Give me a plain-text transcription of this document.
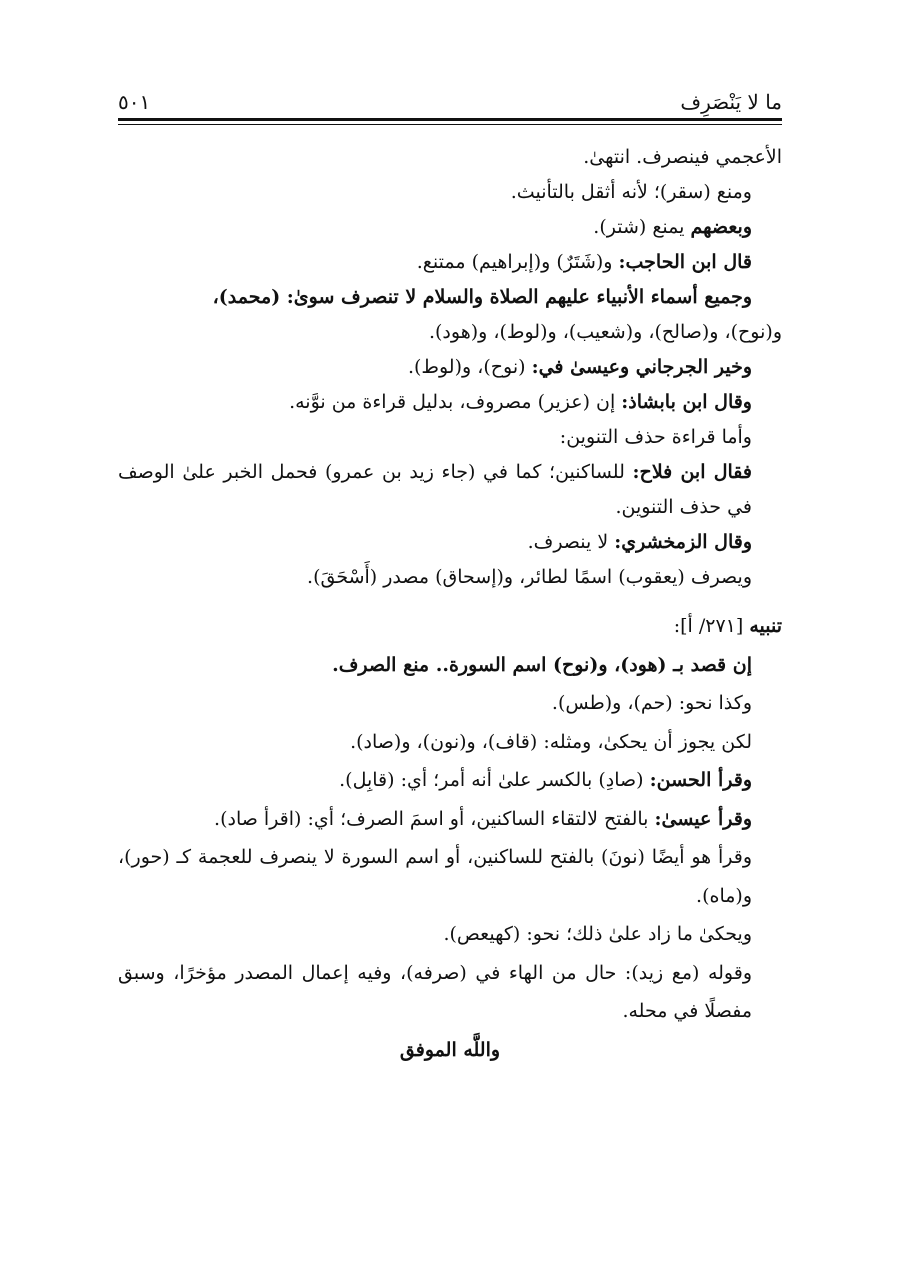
ما لا يَنْصَرِف
٥٠١

الأعجمي فينصرف. انتهىٰ.

ومنع (سقر)؛ لأنه أثقل بالتأنيث.

وبعضهم يمنع (شتر).

قال ابن الحاجب: و(شَتَرٌ) و(إبراهيم) ممتنع.

وجميع أسماء الأنبياء عليهم الصلاة والسلام لا تنصرف سوىٰ: (محمد)،

و(نوح)، و(صالح)، و(شعيب)، و(لوط)، و(هود).

وخير الجرجاني وعيسىٰ في: (نوح)، و(لوط).

وقال ابن بابشاذ: إن (عزير) مصروف، بدليل قراءة من نوَّنه.

وأما قراءة حذف التنوين:

فقال ابن فلاح: للساكنين؛ كما في (جاء زيد بن عمرو) فحمل الخبر علىٰ الوصف في حذف التنوين.

وقال الزمخشري: لا ينصرف.

ويصرف (يعقوب) اسمًا لطائر، و(إسحاق) مصدر (أَسْحَقَ).

تنبيه [٢٧١/ أ]:

إن قصد بـ (هود)، و(نوح) اسم السورة.. منع الصرف.

وكذا نحو: (حم)، و(طس).

لكن يجوز أن يحكىٰ، ومثله: (قاف)، و(نون)، و(صاد).

وقرأ الحسن: (صادِ) بالكسر علىٰ أنه أمر؛ أي: (قابِل).

وقرأ عيسىٰ: بالفتح لالتقاء الساكنين، أو اسمَ الصرف؛ أي: (اقرأ صاد).

وقرأ هو أيضًا (نونَ) بالفتح للساكنين، أو اسم السورة لا ينصرف للعجمة كـ (حور)، و(ماه).

ويحكىٰ ما زاد علىٰ ذلك؛ نحو: (كهيعص).

وقوله (مع زيد): حال من الهاء في (صرفه)، وفيه إعمال المصدر مؤخرًا، وسبق مفصلًا في محله.

واللَّه الموفق
